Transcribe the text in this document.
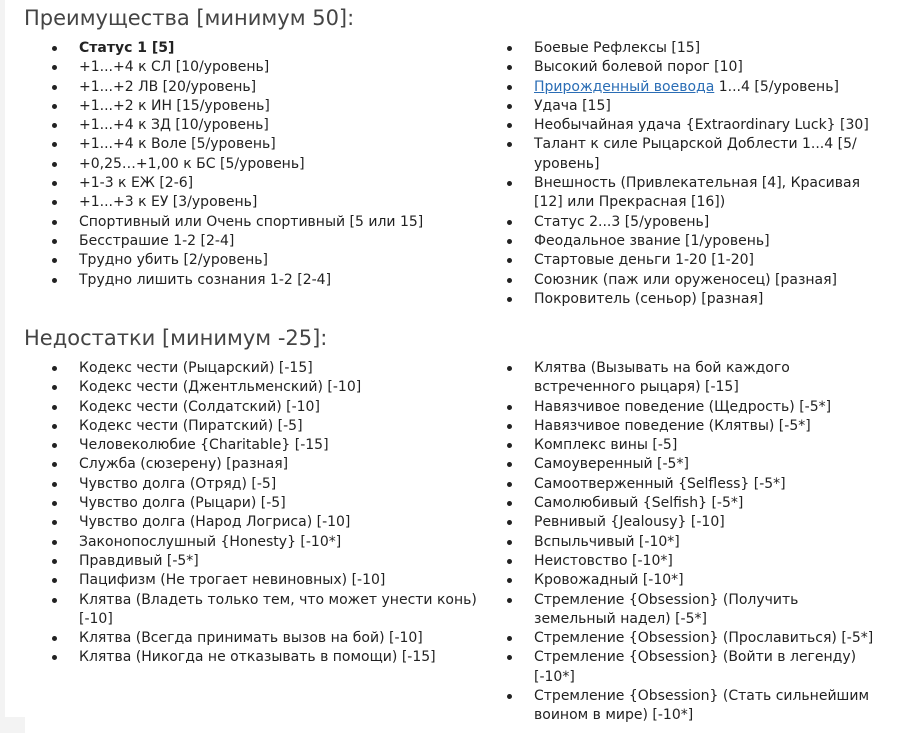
Преимущества [минимум 50]:
Статус 1 [5]
+1...+4 к СЛ [10/уровень]
+1...+2 ЛВ [20/уровень]
+1...+2 к ИН [15/уровень]
+1...+4 к ЗД [10/уровень]
+1...+4 к Воле [5/уровень]
+0,25…+1,00 к БС [5/уровень]
+1-3 к ЕЖ [2-6]
+1...+3 к ЕУ [3/уровень]
Спортивный или Очень спортивный [5 или 15]
Бесстрашие 1-2 [2-4]
Трудно убить [2/уровень]
Трудно лишить сознания 1-2 [2-4]
Боевые Рефлексы [15]
Высокий болевой порог [10]
Прирожденный воевода 1...4 [5/уровень]
Удача [15]
Необычайная удача {Extraordinary Luck} [30]
Талант к силе Рыцарской Доблести 1...4 [5/уровень]
Внешность (Привлекательная [4], Красивая [12] или Прекрасная [16])
Статус 2...3 [5/уровень]
Феодальное звание [1/уровень]
Стартовые деньги 1-20 [1-20]
Союзник (паж или оруженосец) [разная]
Покровитель (сеньор) [разная]
Недостатки [минимум -25]:
Кодекс чести (Рыцарский) [-15]
Кодекс чести (Джентльменский) [-10]
Кодекс чести (Солдатский) [-10]
Кодекс чести (Пиратский) [-5]
Человеколюбие {Charitable} [-15]
Служба (сюзерену) [разная]
Чувство долга (Отряд) [-5]
Чувство долга (Рыцари) [-5]
Чувство долга (Народ Логриса) [-10]
Законопослушный {Honesty} [-10*]
Правдивый [-5*]
Пацифизм (Не трогает невиновных) [-10]
Клятва (Владеть только тем, что может унести конь) [-10]
Клятва (Всегда принимать вызов на бой) [-10]
Клятва (Никогда не отказывать в помощи) [-15]
Клятва (Вызывать на бой каждого встреченного рыцаря) [-15]
Навязчивое поведение (Щедрость) [-5*]
Навязчивое поведение (Клятвы) [-5*]
Комплекс вины [-5]
Самоуверенный [-5*]
Самоотверженный {Selfless} [-5*]
Самолюбивый {Selfish} [-5*]
Ревнивый {Jealousy} [-10]
Вспыльчивый [-10*]
Неистовство [-10*]
Кровожадный [-10*]
Стремление {Obsession} (Получить земельный надел) [-5*]
Стремление {Obsession} (Прославиться) [-5*]
Стремление {Obsession} (Войти в легенду) [-10*]
Стремление {Obsession} (Стать сильнейшим воином в мире) [-10*]
